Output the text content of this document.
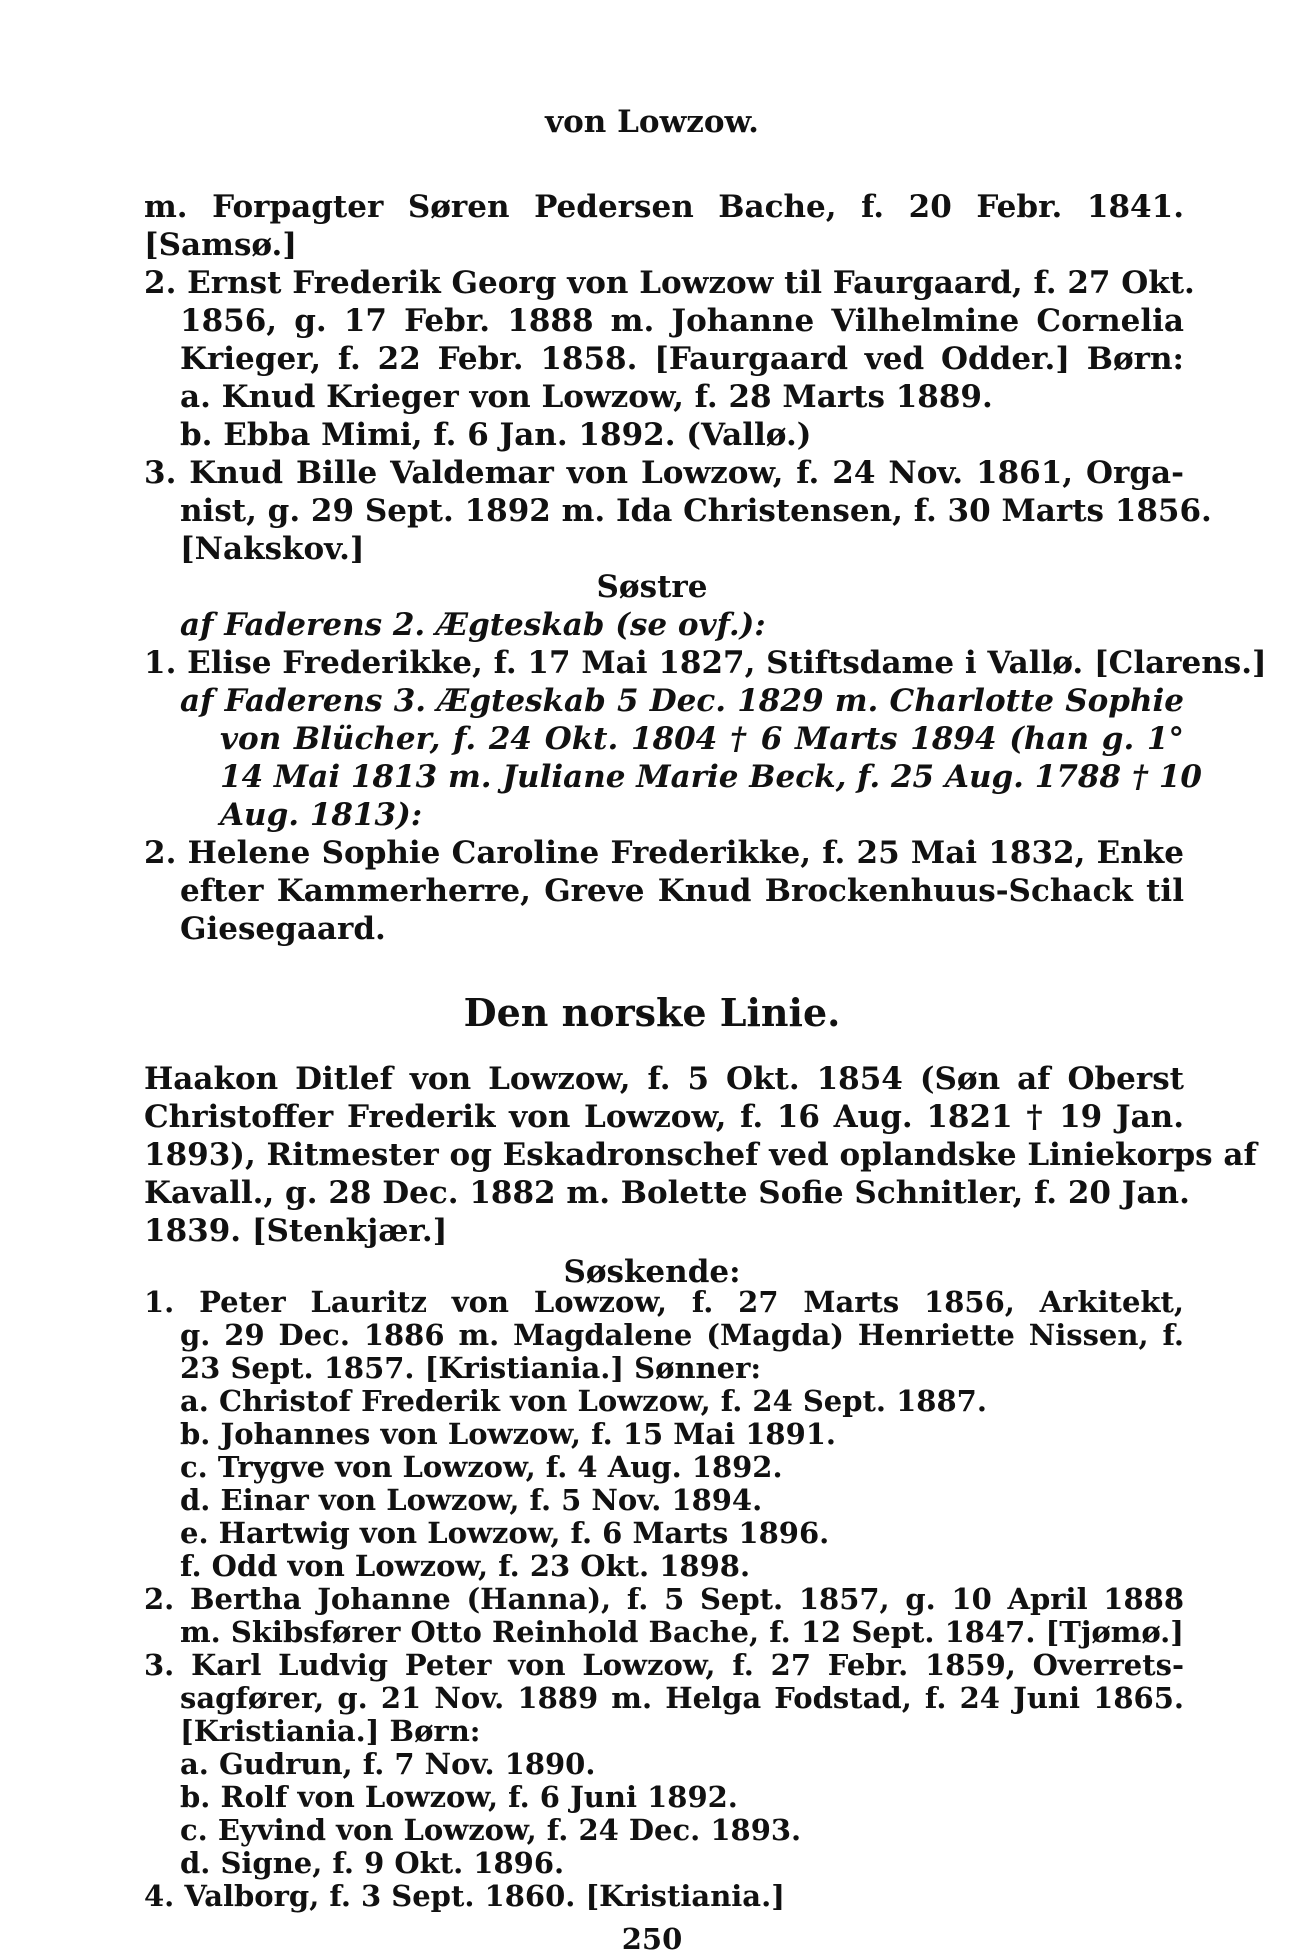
von Lowzow.
m. Forpagter Søren Pedersen Bache, f. 20 Febr. 1841.
[Samsø.]
2. Ernst Frederik Georg von Lowzow til Faurgaard, f. 27 Okt.
1856, g. 17 Febr. 1888 m. Johanne Vilhelmine Cornelia
Krieger, f. 22 Febr. 1858. [Faurgaard ved Odder.] Børn:
a. Knud Krieger von Lowzow, f. 28 Marts 1889.
b. Ebba Mimi, f. 6 Jan. 1892. (Vallø.)
3. Knud Bille Valdemar von Lowzow, f. 24 Nov. 1861, Orga-
nist, g. 29 Sept. 1892 m. Ida Christensen, f. 30 Marts 1856.
[Nakskov.]
Søstre
af Faderens 2. Ægteskab (se ovf.):
1. Elise Frederikke, f. 17 Mai 1827, Stiftsdame i Vallø. [Clarens.]
af Faderens 3. Ægteskab 5 Dec. 1829 m. Charlotte Sophie
von Blücher, f. 24 Okt. 1804 † 6 Marts 1894 (han g. 1°
14 Mai 1813 m. Juliane Marie Beck, f. 25 Aug. 1788 † 10
Aug. 1813):
2. Helene Sophie Caroline Frederikke, f. 25 Mai 1832, Enke
efter Kammerherre, Greve Knud Brockenhuus-Schack til
Giesegaard.
Den norske Linie.
Haakon Ditlef von Lowzow, f. 5 Okt. 1854 (Søn af Oberst
Christoffer Frederik von Lowzow, f. 16 Aug. 1821 † 19 Jan.
1893), Ritmester og Eskadronschef ved oplandske Liniekorps af
Kavall., g. 28 Dec. 1882 m. Bolette Sofie Schnitler, f. 20 Jan.
1839. [Stenkjær.]
Søskende:
1. Peter Lauritz von Lowzow, f. 27 Marts 1856, Arkitekt,
g. 29 Dec. 1886 m. Magdalene (Magda) Henriette Nissen, f.
23 Sept. 1857. [Kristiania.] Sønner:
a. Christof Frederik von Lowzow, f. 24 Sept. 1887.
b. Johannes von Lowzow, f. 15 Mai 1891.
c. Trygve von Lowzow, f. 4 Aug. 1892.
d. Einar von Lowzow, f. 5 Nov. 1894.
e. Hartwig von Lowzow, f. 6 Marts 1896.
f. Odd von Lowzow, f. 23 Okt. 1898.
2. Bertha Johanne (Hanna), f. 5 Sept. 1857, g. 10 April 1888
m. Skibsfører Otto Reinhold Bache, f. 12 Sept. 1847. [Tjømø.]
3. Karl Ludvig Peter von Lowzow, f. 27 Febr. 1859, Overrets-
sagfører, g. 21 Nov. 1889 m. Helga Fodstad, f. 24 Juni 1865.
[Kristiania.] Børn:
a. Gudrun, f. 7 Nov. 1890.
b. Rolf von Lowzow, f. 6 Juni 1892.
c. Eyvind von Lowzow, f. 24 Dec. 1893.
d. Signe, f. 9 Okt. 1896.
4. Valborg, f. 3 Sept. 1860. [Kristiania.]
250
